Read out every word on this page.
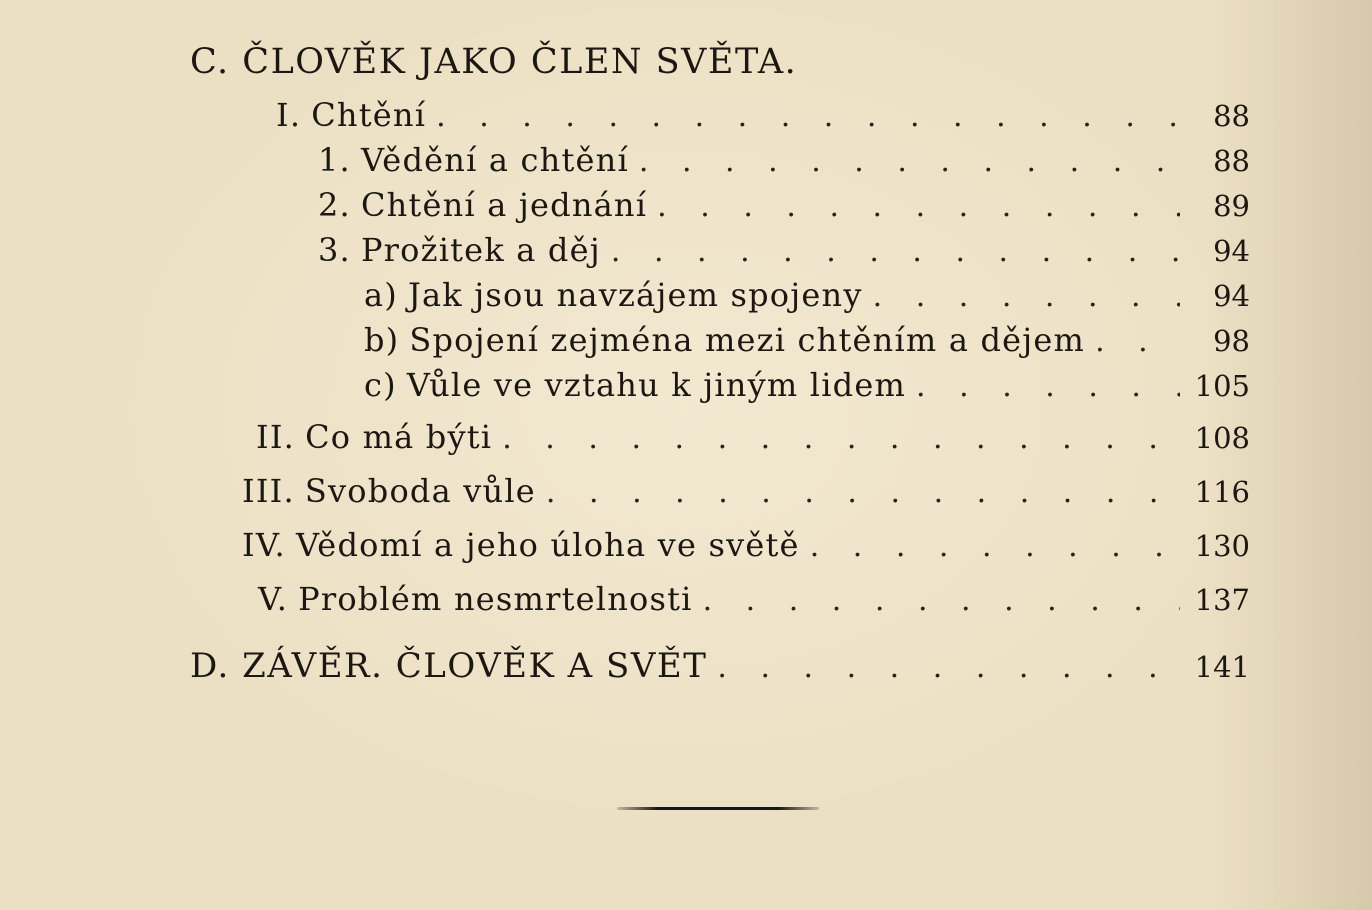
C. ČLOVĚK JAKO ČLEN SVĚTA.
I. Chtění . . .	88
1. Vědění a chtění . . .	88
2. Chtění a jednání . . .	89
3. Prožitek a děj . . .	94
a) Jak jsou navzájem spojeny . . .	94
b) Spojení zejména mezi chtěním a dějem . . .	98
c) Vůle ve vztahu k jiným lidem . . .	105
II. Co má býti . . .	108
III. Svoboda vůle . . .	116
IV. Vědomí a jeho úloha ve světě . . .	130
V. Problém nesmrtelnosti . . .	137
D. ZÁVĚR. ČLOVĚK A SVĚT . . .	141
